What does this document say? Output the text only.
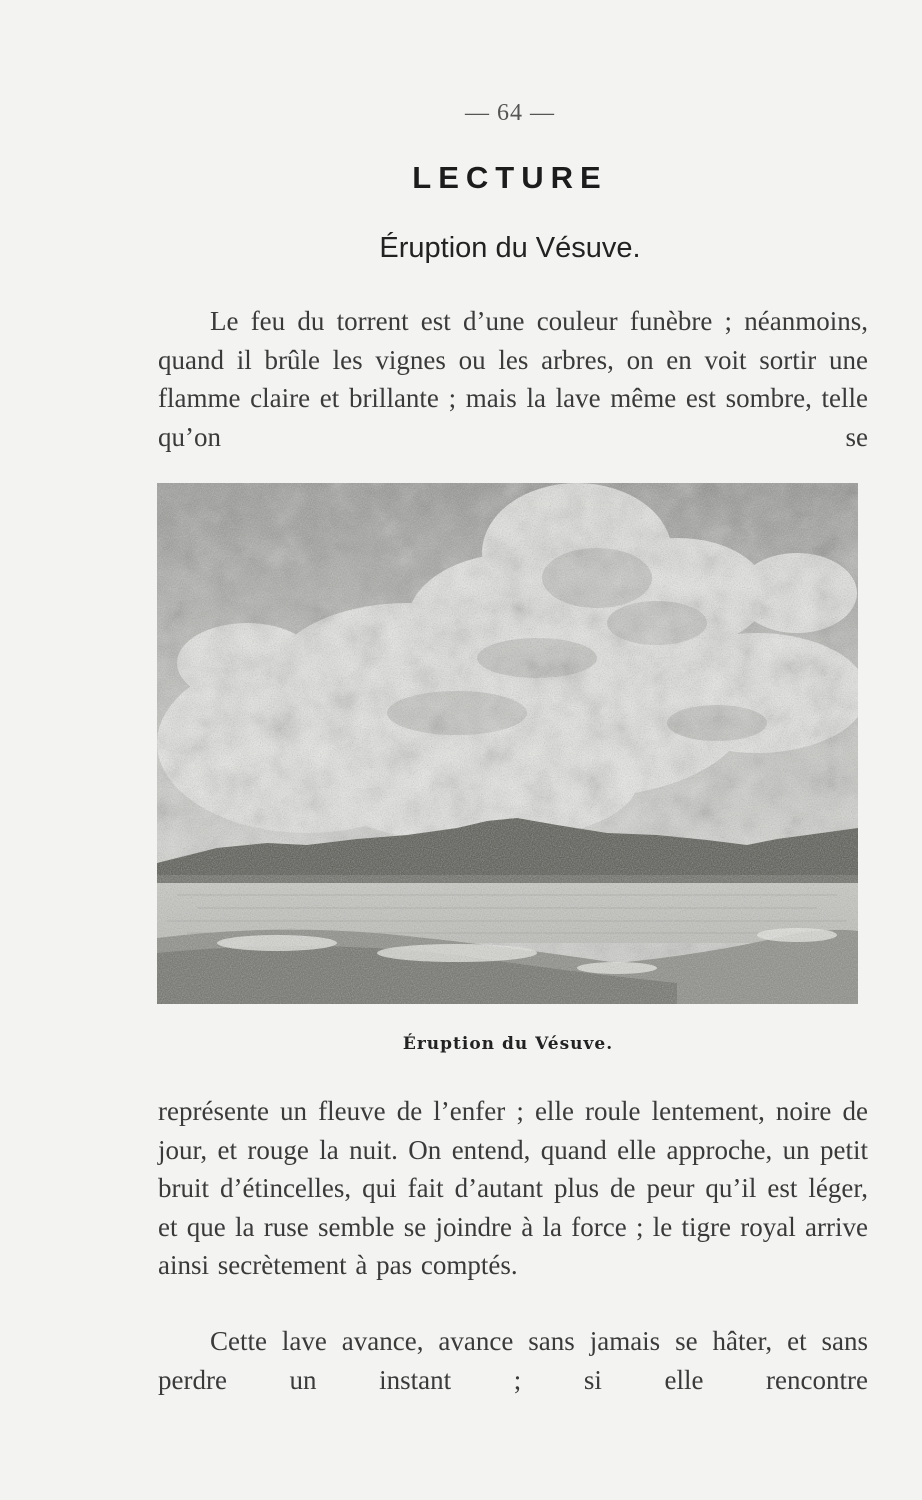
— 64 —
LECTURE
Éruption du Vésuve.

Le feu du torrent est d’une couleur funèbre ; néanmoins, quand il brûle les vignes ou les arbres, on en voit sortir une flamme claire et brillante ; mais la lave même est sombre, telle qu’on se

Éruption du Vésuve.

représente un fleuve de l’enfer ; elle roule lentement, noire de jour, et rouge la nuit. On entend, quand elle approche, un petit bruit d’étincelles, qui fait d’autant plus de peur qu’il est léger, et que la ruse semble se joindre à la force ; le tigre royal arrive ainsi secrètement à pas comptés.

Cette lave avance, avance sans jamais se hâter, et sans perdre un instant ; si elle rencontre
